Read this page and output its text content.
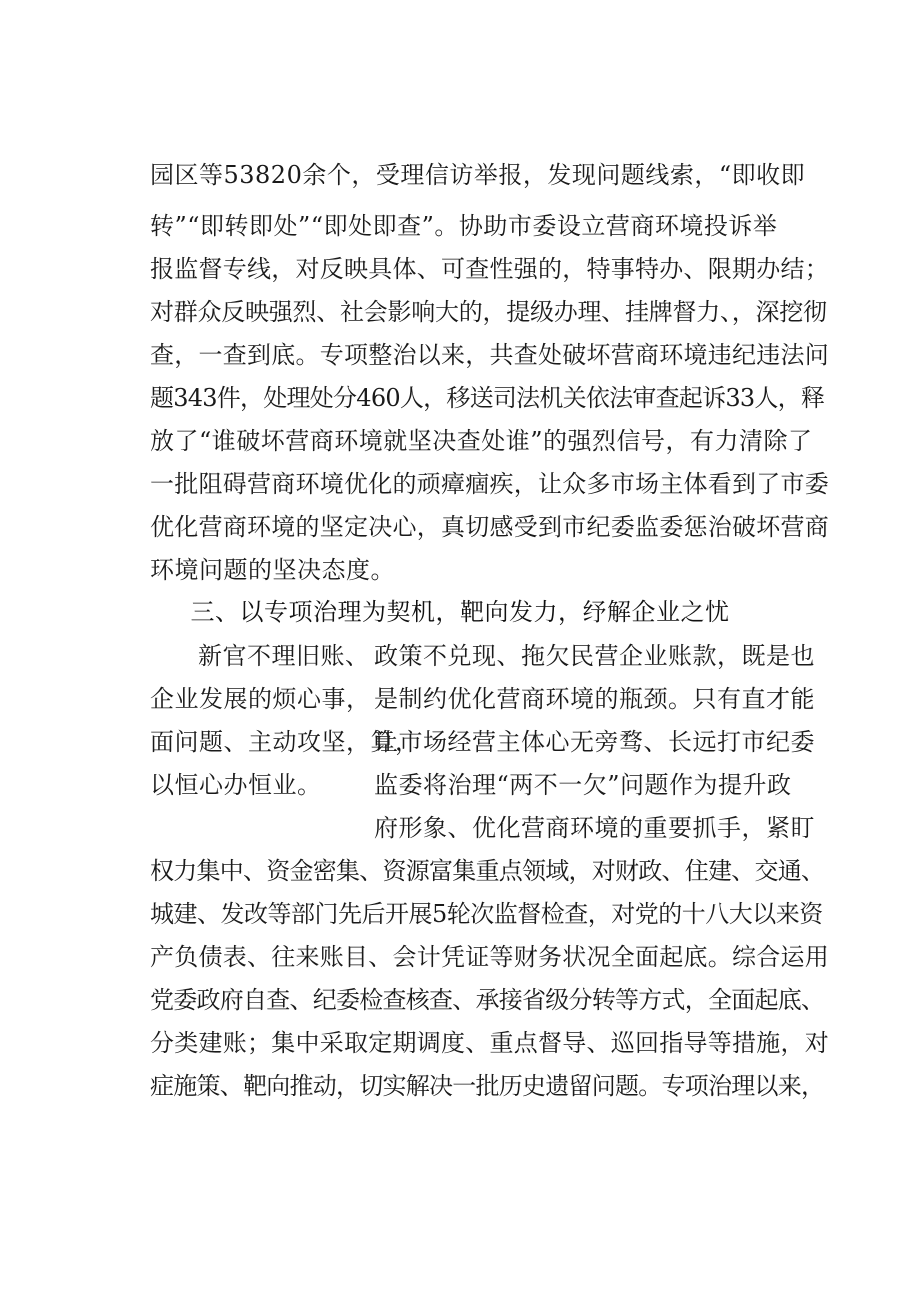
园区等53820余个，受理信访举报，发现问题线索，“即收即
转”“即转即处”“即处即查”。协助市委设立营商环境投诉举
报监督专线，对反映具体、可查性强的，特事特办、限期办结；
对群众反映强烈、社会影响大的，提级办理、挂牌督力、，深挖彻
查，一查到底。专项整治以来，共查处破坏营商环境违纪违法问
题343件，处理处分460人，移送司法机关依法审查起诉33人，释
放了“谁破坏营商环境就坚决查处谁”的强烈信号，有力清除了
一批阻碍营商环境优化的顽瘴痼疾，让众多市场主体看到了市委
优化营商环境的坚定决心，真切感受到市纪委监委惩治破坏营商
环境问题的坚决态度。
三、以专项治理为契机，靶向发力，纾解企业之忧
新官不理旧账、
企业发展的烦心事，
面问题、主动攻坚，算，
以恒心办恒业。
政策不兑现、拖欠民营企业账款，既是也
是制约优化营商环境的瓶颈。只有直才能
让市场经营主体心无旁骛、长远打市纪委
监委将治理“两不一欠”问题作为提升政
府形象、优化营商环境的重要抓手，紧盯
权力集中、资金密集、资源富集重点领域，对财政、住建、交通、
城建、发改等部门先后开展5轮次监督检查，对党的十八大以来资
产负债表、往来账目、会计凭证等财务状况全面起底。综合运用
党委政府自查、纪委检查核查、承接省级分转等方式，全面起底、
分类建账；集中采取定期调度、重点督导、巡回指导等措施，对
症施策、靶向推动，切实解决一批历史遗留问题。专项治理以来，
